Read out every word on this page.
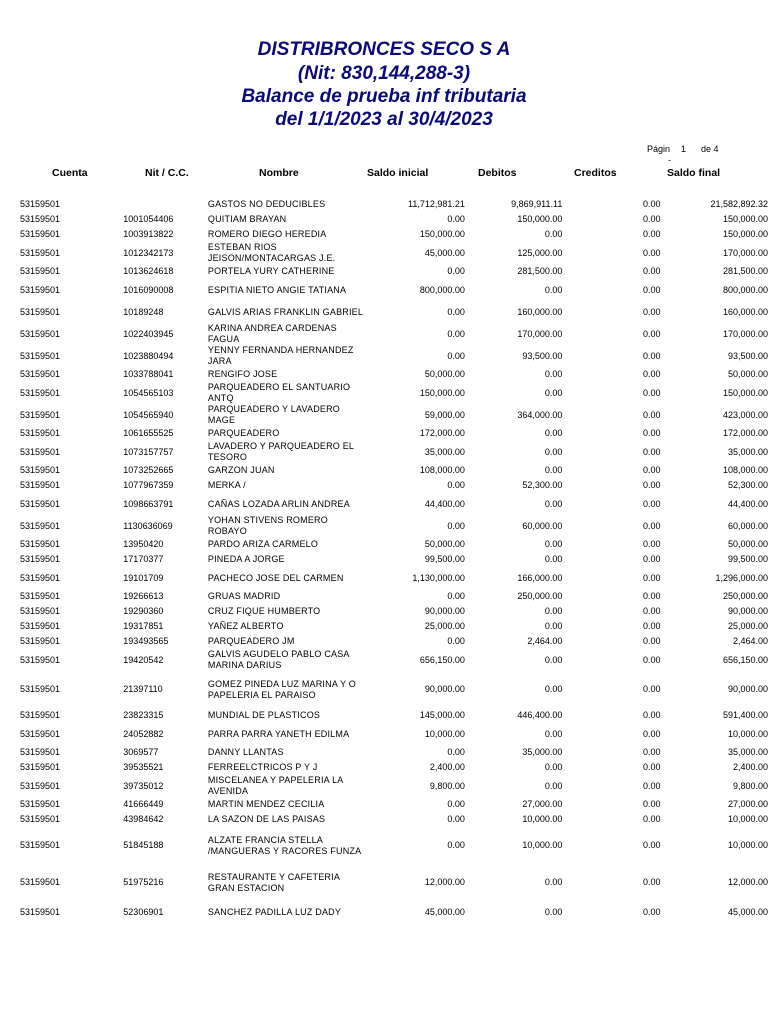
DISTRIBRONCES SECO S A
(Nit: 830,144,288-3)
Balance de prueba inf tributaria
del 1/1/2023 al 30/4/2023
Págin 1 de 4
-
Cuenta	Nit / C.C.	Nombre	Saldo inicial	Debitos	Creditos	Saldo final
53159501		GASTOS NO DEDUCIBLES	11,712,981.21	9,869,911.11	0.00	21,582,892.32
53159501	1001054406	QUITIAM BRAYAN	0.00	150,000.00	0.00	150,000.00
53159501	1003913822	ROMERO DIEGO HEREDIA	150,000.00	0.00	0.00	150,000.00
53159501	1012342173	ESTEBAN RIOS JEISON/MONTACARGAS J.E.	45,000.00	125,000.00	0.00	170,000.00
53159501	1013624618	PORTELA YURY CATHERINE	0.00	281,500.00	0.00	281,500.00
53159501	1016090008	ESPITIA NIETO ANGIE TATIANA	800,000.00	0.00	0.00	800,000.00
53159501	10189248	GALVIS ARIAS FRANKLIN GABRIEL	0.00	160,000.00	0.00	160,000.00
53159501	1022403945	KARINA ANDREA CARDENAS FAGUA	0.00	170,000.00	0.00	170,000.00
53159501	1023880494	YENNY FERNANDA HERNANDEZ JARA	0.00	93,500.00	0.00	93,500.00
53159501	1033788041	RENGIFO JOSE	50,000.00	0.00	0.00	50,000.00
53159501	1054565103	PARQUEADERO EL SANTUARIO ANTQ	150,000.00	0.00	0.00	150,000.00
53159501	1054565940	PARQUEADERO Y LAVADERO MAGE	59,000.00	364,000.00	0.00	423,000.00
53159501	1061655525	PARQUEADERO	172,000.00	0.00	0.00	172,000.00
53159501	1073157757	LAVADERO Y PARQUEADERO EL TESORO	35,000.00	0.00	0.00	35,000.00
53159501	1073252665	GARZON JUAN	108,000.00	0.00	0.00	108,000.00
53159501	1077967359	MERKA /	0.00	52,300.00	0.00	52,300.00
53159501	1098663791	CAÑAS LOZADA ARLIN ANDREA	44,400.00	0.00	0.00	44,400.00
53159501	1130636069	YOHAN STIVENS ROMERO ROBAYO	0.00	60,000.00	0.00	60,000.00
53159501	13950420	PARDO ARIZA CARMELO	50,000.00	0.00	0.00	50,000.00
53159501	17170377	PINEDA A JORGE	99,500.00	0.00	0.00	99,500.00
53159501	19101709	PACHECO JOSE DEL CARMEN	1,130,000.00	166,000.00	0.00	1,296,000.00
53159501	19266613	GRUAS MADRID	0.00	250,000.00	0.00	250,000.00
53159501	19290360	CRUZ FIQUE HUMBERTO	90,000.00	0.00	0.00	90,000.00
53159501	19317851	YAÑEZ ALBERTO	25,000.00	0.00	0.00	25,000.00
53159501	193493565	PARQUEADERO JM	0.00	2,464.00	0.00	2,464.00
53159501	19420542	GALVIS AGUDELO PABLO CASA MARINA DARIUS	656,150.00	0.00	0.00	656,150.00
53159501	21397110	GOMEZ PINEDA LUZ MARINA Y O PAPELERIA EL PARAISO	90,000.00	0.00	0.00	90,000.00
53159501	23823315	MUNDIAL DE PLASTICOS	145,000.00	446,400.00	0.00	591,400.00
53159501	24052882	PARRA PARRA YANETH EDILMA	10,000.00	0.00	0.00	10,000.00
53159501	3069577	DANNY LLANTAS	0.00	35,000.00	0.00	35,000.00
53159501	39535521	FERREELCTRICOS P Y J	2,400.00	0.00	0.00	2,400.00
53159501	39735012	MISCELANEA Y PAPELERIA LA AVENIDA	9,800.00	0.00	0.00	9,800.00
53159501	41666449	MARTIN MENDEZ CECILIA	0.00	27,000.00	0.00	27,000.00
53159501	43984642	LA SAZON DE LAS PAISAS	0.00	10,000.00	0.00	10,000.00
53159501	51845188	ALZATE FRANCIA STELLA /MANGUERAS Y RACORES FUNZA	0.00	10,000.00	0.00	10,000.00
53159501	51975216	RESTAURANTE Y CAFETERIA GRAN ESTACION	12,000.00	0.00	0.00	12,000.00
53159501	52306901	SANCHEZ PADILLA LUZ DADY	45,000.00	0.00	0.00	45,000.00
